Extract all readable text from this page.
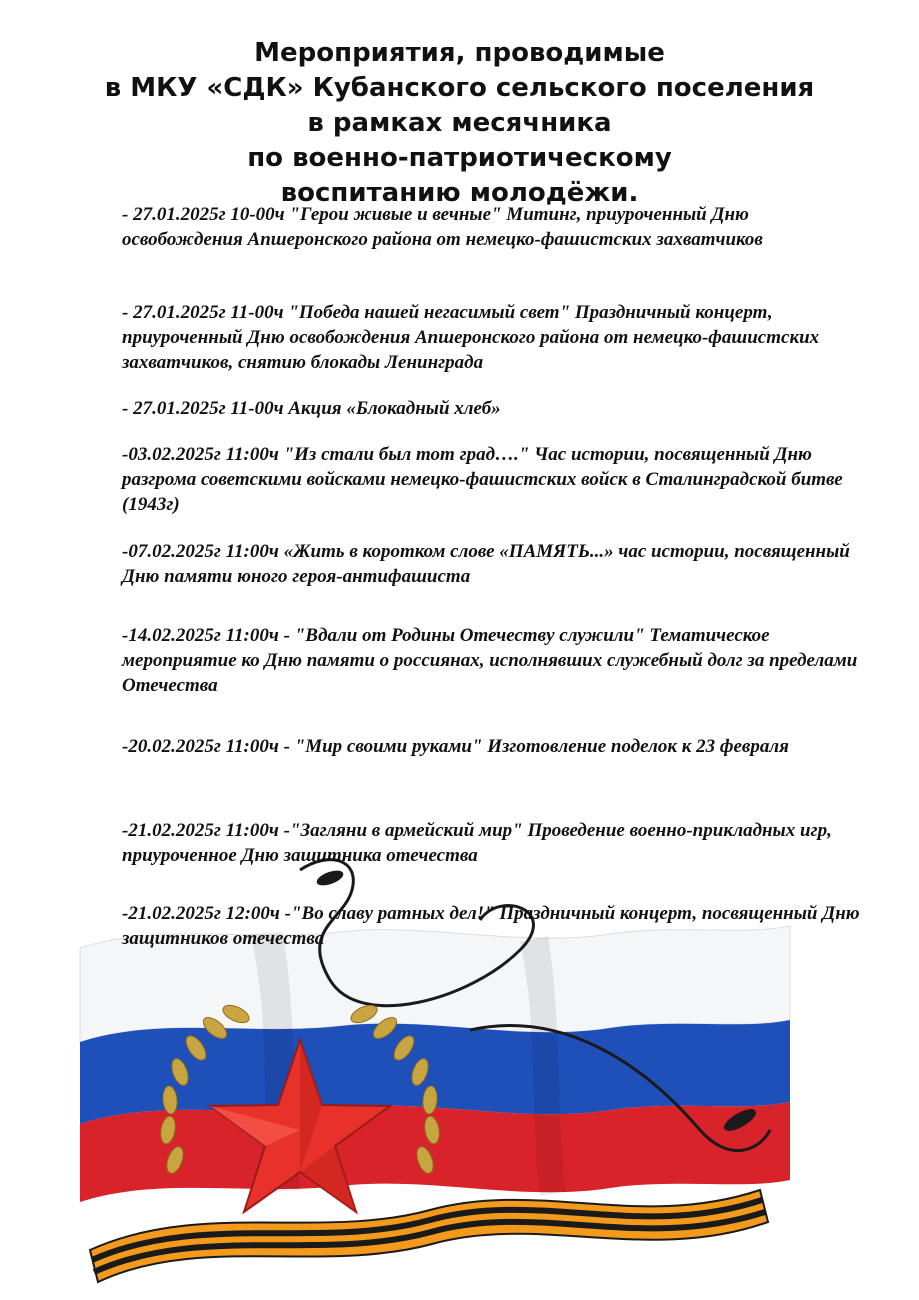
Мероприятия, проводимые
в МКУ «СДК» Кубанского сельского поселения
в рамках месячника
по военно-патриотическому
воспитанию молодёжи.
- 27.01.2025г 10-00ч "Герои живые и вечные" Митинг, приуроченный Дню освобождения Апшеронского района от немецко-фашистских захватчиков
- 27.01.2025г 11-00ч "Победа нашей негасимый свет" Праздничный концерт, приуроченный Дню освобождения Апшеронского района от немецко-фашистских захватчиков, снятию блокады Ленинграда
- 27.01.2025г 11-00ч Акция «Блокадный хлеб»
-03.02.2025г 11:00ч "Из стали был тот град…." Час истории, посвященный Дню разгрома советскими войсками немецко-фашистских войск в Сталинградской битве (1943г)
-07.02.2025г 11:00ч «Жить в коротком слове «ПАМЯТЬ...» час истории, посвященный Дню памяти юного героя-антифашиста
-14.02.2025г 11:00ч - "Вдали от Родины Отечеству служили" Тематическое мероприятие ко Дню памяти о россиянах, исполнявших служебный долг за пределами Отечества
-20.02.2025г 11:00ч - "Мир своими руками" Изготовление поделок к 23 февраля
-21.02.2025г 11:00ч -"Загляни в армейский мир" Проведение военно-прикладных игр, приуроченное Дню защитника отечества
-21.02.2025г 12:00ч -"Во славу ратных дел!" Праздничный концерт, посвященный Дню защитников отечества
